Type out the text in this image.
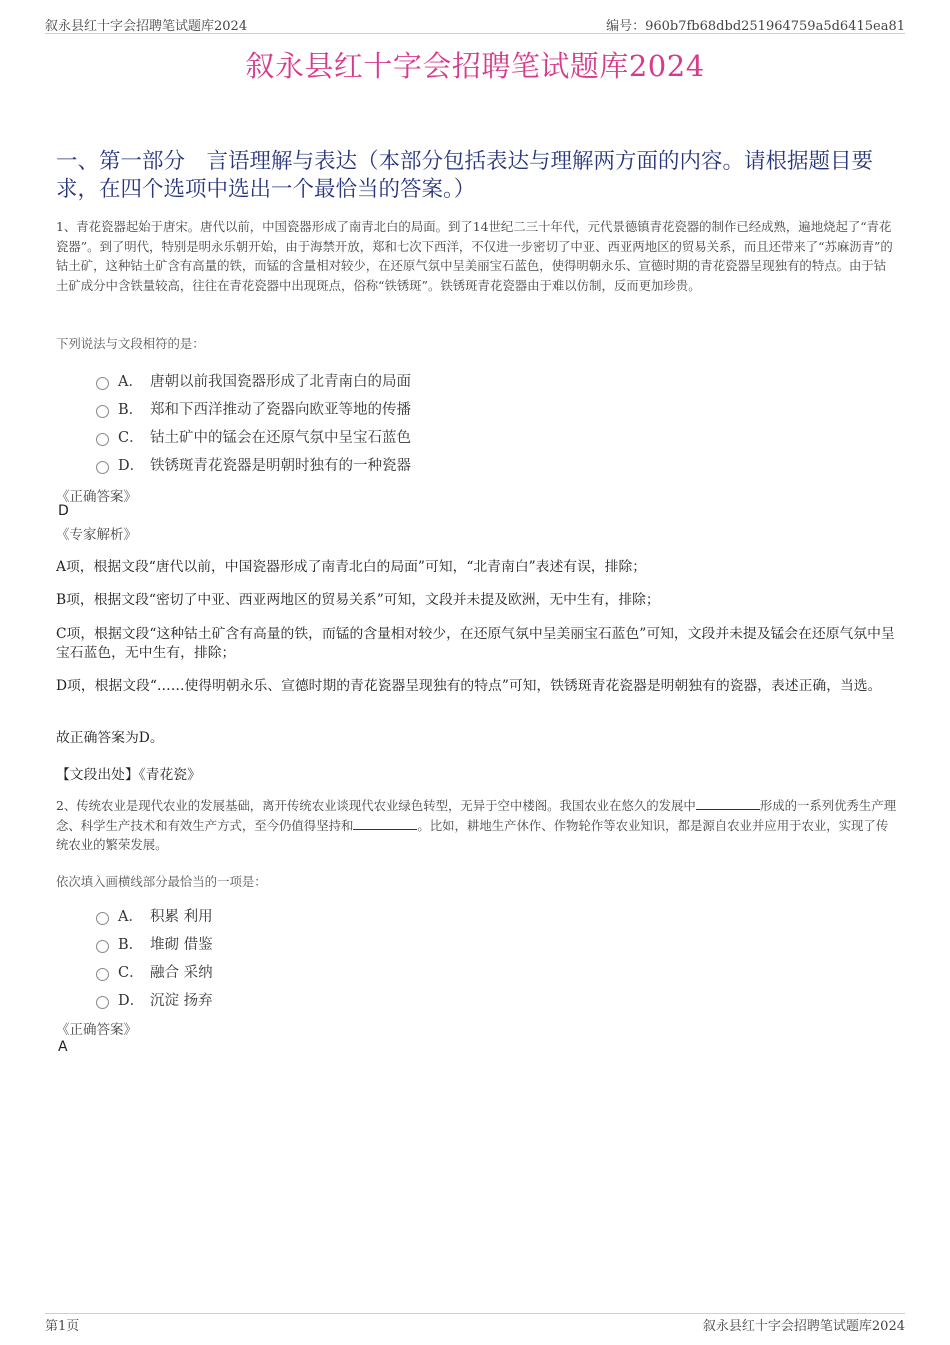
叙永县红十字会招聘笔试题库2024	编号：960b7fb68dbd251964759a5d6415ea81
叙永县红十字会招聘笔试题库2024
一、第一部分　言语理解与表达（本部分包括表达与理解两方面的内容。请根据题目要求，在四个选项中选出一个最恰当的答案。）
1、青花瓷器起始于唐宋。唐代以前，中国瓷器形成了南青北白的局面。到了14世纪二三十年代，元代景德镇青花瓷器的制作已经成熟，遍地烧起了“青花瓷器”。到了明代，特别是明永乐朝开始，由于海禁开放，郑和七次下西洋，不仅进一步密切了中亚、西亚两地区的贸易关系，而且还带来了“苏麻沥青”的钴土矿，这种钴土矿含有高量的铁，而锰的含量相对较少，在还原气氛中呈美丽宝石蓝色，使得明朝永乐、宣德时期的青花瓷器呈现独有的特点。由于钴土矿成分中含铁量较高，往往在青花瓷器中出现斑点，俗称“铁锈斑”。铁锈斑青花瓷器由于难以仿制，反而更加珍贵。
下列说法与文段相符的是：
A． 唐朝以前我国瓷器形成了北青南白的局面
B． 郑和下西洋推动了瓷器向欧亚等地的传播
C． 钴土矿中的锰会在还原气氛中呈宝石蓝色
D． 铁锈斑青花瓷器是明朝时独有的一种瓷器
《正确答案》
D
《专家解析》
A项，根据文段“唐代以前，中国瓷器形成了南青北白的局面”可知，“北青南白”表述有误，排除；
B项，根据文段“密切了中亚、西亚两地区的贸易关系”可知，文段并未提及欧洲，无中生有，排除；
C项，根据文段“这种钴土矿含有高量的铁，而锰的含量相对较少，在还原气氛中呈美丽宝石蓝色”可知，文段并未提及锰会在还原气氛中呈宝石蓝色，无中生有，排除；
D项，根据文段“……使得明朝永乐、宣德时期的青花瓷器呈现独有的特点”可知，铁锈斑青花瓷器是明朝独有的瓷器，表述正确，当选。
故正确答案为D。
【文段出处】《青花瓷》
2、传统农业是现代农业的发展基础，离开传统农业谈现代农业绿色转型，无异于空中楼阁。我国农业在悠久的发展中	形成的一系列优秀生产理念、科学生产技术和有效生产方式，至今仍值得坚持和	。比如，耕地生产休作、作物轮作等农业知识，都是源自农业并应用于农业，实现了传统农业的繁荣发展。
依次填入画横线部分最恰当的一项是：
A． 积累 利用
B． 堆砌 借鉴
C． 融合 采纳
D． 沉淀 扬弃
《正确答案》
A
第1页	叙永县红十字会招聘笔试题库2024
